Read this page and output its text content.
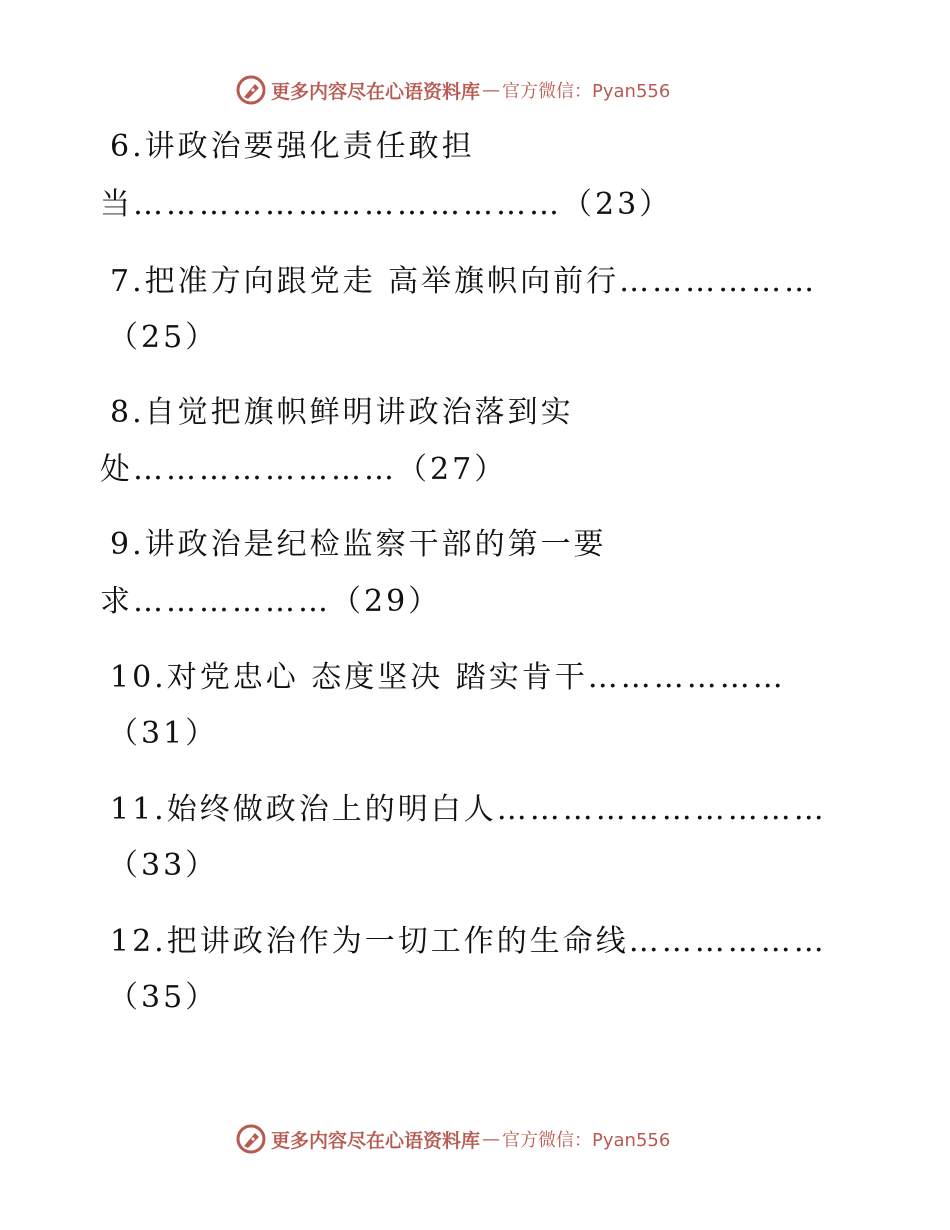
更多内容尽在心语资料库 — 官方微信：Pyan556
6.讲政治要强化责任敢担
当…………………………………（23）
7.把准方向跟党走 高举旗帜向前行………………
（25）
8.自觉把旗帜鲜明讲政治落到实
处……………………（27）
9.讲政治是纪检监察干部的第一要
求………………（29）
10.对党忠心 态度坚决 踏实肯干………………
（31）
11.始终做政治上的明白人…………………………
（33）
12.把讲政治作为一切工作的生命线………………
（35）
更多内容尽在心语资料库 — 官方微信：Pyan556
